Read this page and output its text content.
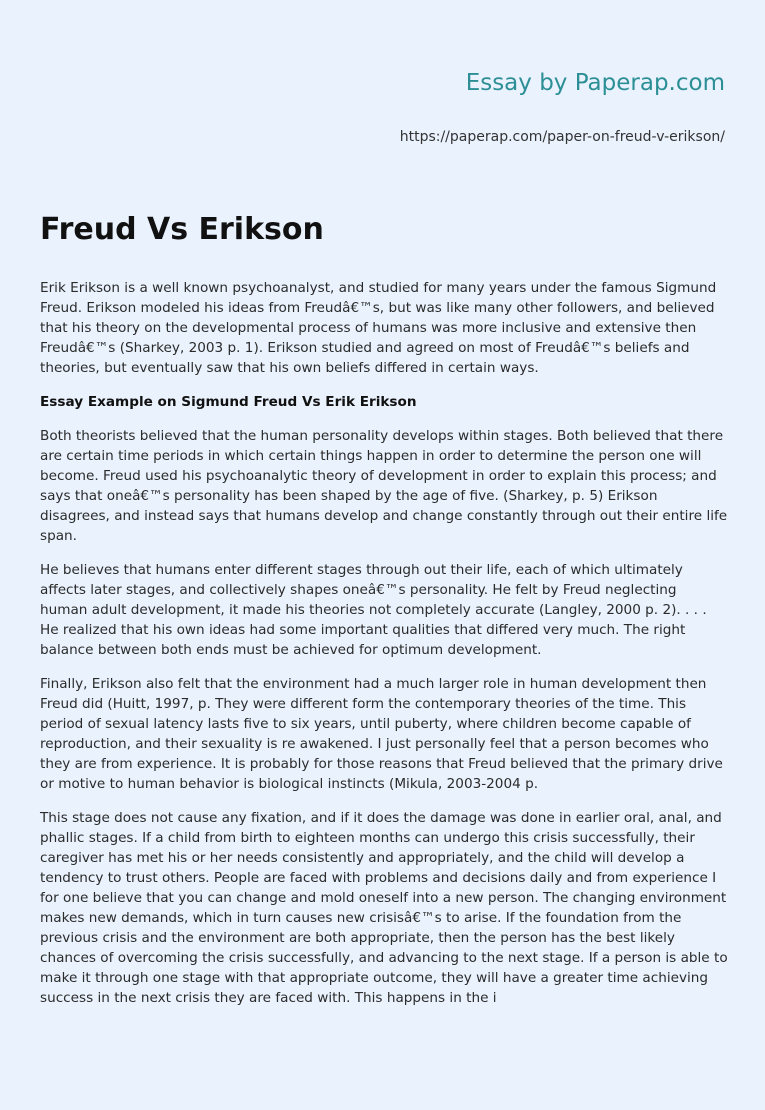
Essay by Paperap.com
https://paperap.com/paper-on-freud-v-erikson/
Freud Vs Erikson

Erik Erikson is a well known psychoanalyst, and studied for many years under the famous Sigmund Freud. Erikson modeled his ideas from Freudâ€™s, but was like many other followers, and believed that his theory on the developmental process of humans was more inclusive and extensive then Freudâ€™s (Sharkey, 2003 p. 1). Erikson studied and agreed on most of Freudâ€™s beliefs and theories, but eventually saw that his own beliefs differed in certain ways.

Essay Example on Sigmund Freud Vs Erik Erikson

Both theorists believed that the human personality develops within stages. Both believed that there are certain time periods in which certain things happen in order to determine the person one will become. Freud used his psychoanalytic theory of development in order to explain this process; and says that oneâ€™s personality has been shaped by the age of five. (Sharkey, p. 5) Erikson disagrees, and instead says that humans develop and change constantly through out their entire life span.

He believes that humans enter different stages through out their life, each of which ultimately affects later stages, and collectively shapes oneâ€™s personality. He felt by Freud neglecting human adult development, it made his theories not completely accurate (Langley, 2000 p. 2). . . . He realized that his own ideas had some important qualities that differed very much. The right balance between both ends must be achieved for optimum development.

Finally, Erikson also felt that the environment had a much larger role in human development then Freud did (Huitt, 1997, p. They were different form the contemporary theories of the time. This period of sexual latency lasts five to six years, until puberty, where children become capable of reproduction, and their sexuality is re awakened. I just personally feel that a person becomes who they are from experience. It is probably for those reasons that Freud believed that the primary drive or motive to human behavior is biological instincts (Mikula, 2003-2004 p.

This stage does not cause any fixation, and if it does the damage was done in earlier oral, anal, and phallic stages. If a child from birth to eighteen months can undergo this crisis successfully, their caregiver has met his or her needs consistently and appropriately, and the child will develop a tendency to trust others. People are faced with problems and decisions daily and from experience I for one believe that you can change and mold oneself into a new person. The changing environment makes new demands, which in turn causes new crisisâ€™s to arise. If the foundation from the previous crisis and the environment are both appropriate, then the person has the best likely chances of overcoming the crisis successfully, and advancing to the next stage. If a person is able to make it through one stage with that appropriate outcome, they will have a greater time achieving success in the next crisis they are faced with. This happens in the i
